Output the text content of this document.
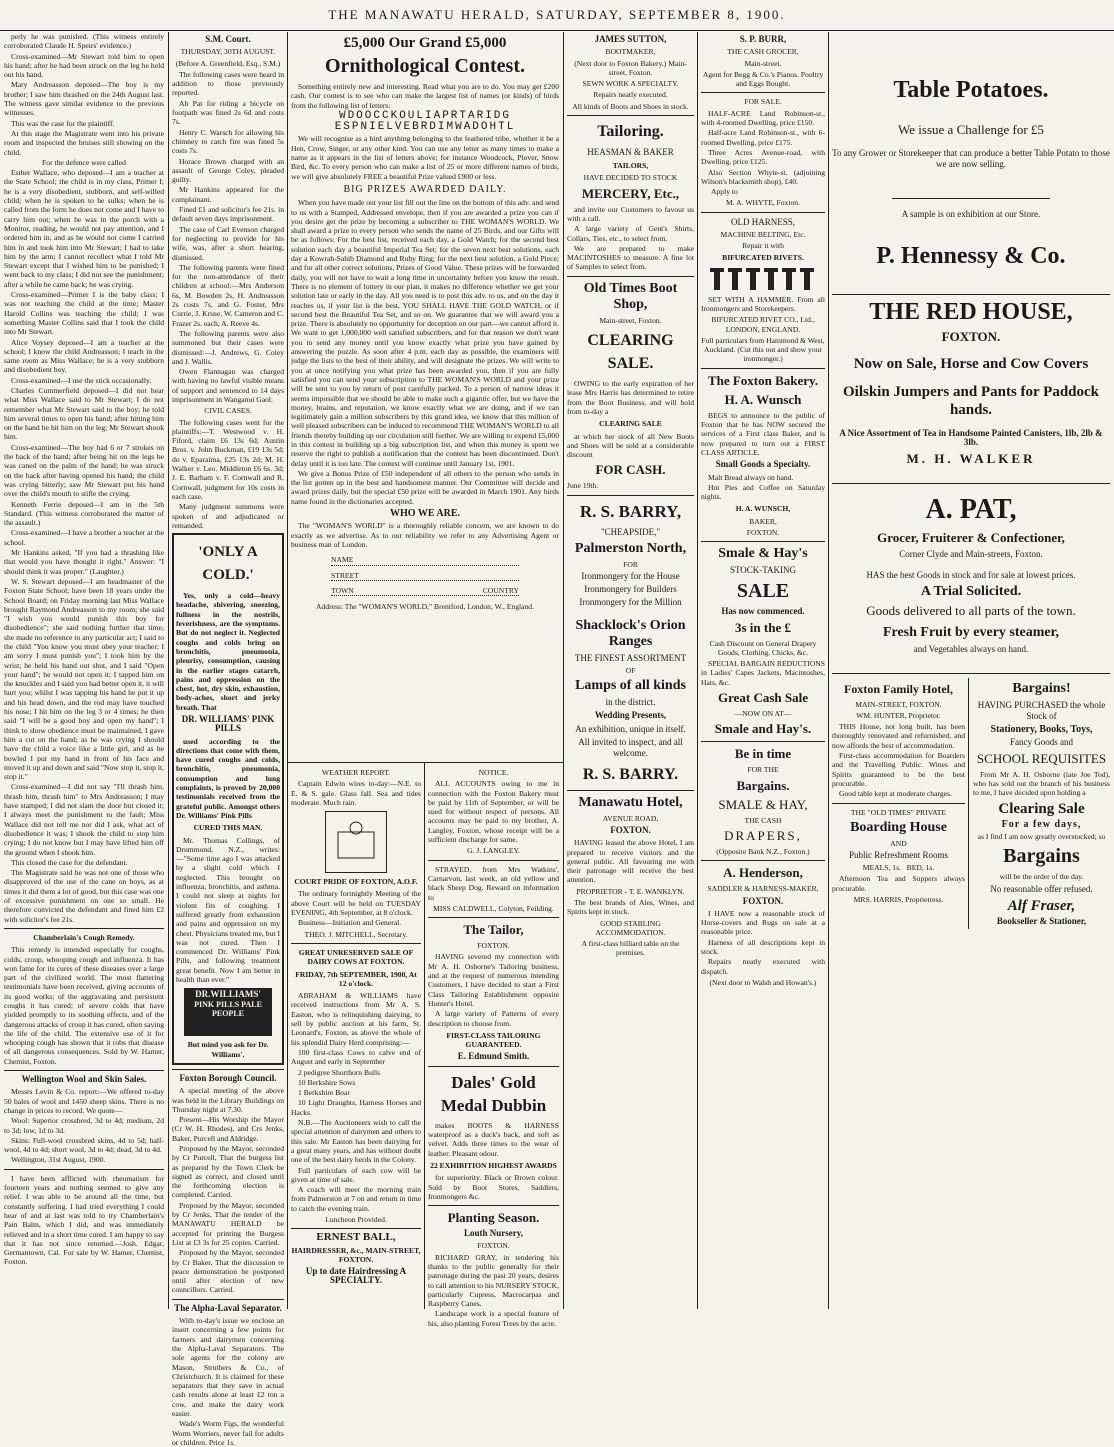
THE MANAWATU HERALD, SATURDAY, SEPTEMBER 8, 1900.

perly he was punished. (This witness entirely corroborated Claude H. Speirs' evidence.)

Cross-examined—Mr Stewart told him to open his hand; after he had been struck on the leg he held out his hand.

Mary Andreasson deposed—The boy is my brother; I saw him thrashed on the 24th August last. The witness gave similar evidence to the previous witnesses.

This was the case for the plaintiff.

At this stage the Magistrate went into his private room and inspected the bruises still showing on the child.

For the defence were called

Esther Wallace, who deposed—I am a teacher at the State School; the child is in my class, Primer I; he is a very disobedient, stubborn, and self-willed child; when he is spoken to he sulks; when he is called from the form he does not come and I have to carry him out; when he was in the porch with a Monitor, reading, he would not pay attention, and I ordered him in, and as he would not come I carried him in and took him into Mr Stewart; I had to take him by the arm; I cannot recollect what I told Mr Stewart except that I wished him to be punished; I went back to my class; I did not see the punishment; after a while he came back; he was crying.

Cross-examined—Primer I is the baby class; I was not teaching the child at the time; Master Harold Collins was teaching the child; I was something Master Collins said that I took the child into Mr Stewart.

Alice Voysey deposed—I am a teacher at the school; I know the child Andreasson; I teach in the same room as Miss Wallace; he is a very stubborn and disobedient boy.

Cross-examined—I use the stick occasionally.

Charles Cummerfield deposed—I did not hear what Miss Wallace said to Mr Stewart; I do not remember what Mr Stewart said to the boy; he told him several times to open his hand; after hitting him on the hand he hit him on the leg; Mr Stewart shook him.

Cross-examined—The boy had 6 or 7 strokes on the back of the hand; after being hit on the legs he was caned on the palm of the hand; he was struck on the back after having opened his hand; the child was crying bitterly; saw Mr Stewart put his hand over the child's mouth to stifle the crying.

Kenneth Ferrie deposed—I am in the 5th Standard. (This witness corroborated the matter of the assault.)

Cross-examined—I have a brother a teacher at the school.

Mr Hankins asked, "If you had a thrashing like that would you have thought it right." Answer: "I should think it was proper." (Laughter.)

W. S. Stewart deposed—I am headmaster of the Foxton State School; have been 18 years under the School Board; on Friday morning last Miss Wallace brought Raymond Andreasson to my room; she said "I wish you would punish this boy for disobedience"; she said nothing further that time; she made no reference to any particular act; I said to the child "You know you must obey your teacher; I am sorry I must punish you"; I took him by the wrist; he held his hand out shut, and I said "Open your hand"; he would not open it; I tapped him on the knuckles and I said you had better open it, it will hurt you; whilst I was tapping his hand he put it up and his head down, and the rod may have touched his nose; I hit him on the leg 3 or 4 times; he then said "I will be a good boy and open my hand"; I think to show obedience must be maintained, I gave him a cut on the hand; as he was crying I should have the child a voice like a little girl, and as he bowled I put my hand in front of his face and moved it up and down and said "Now stop it, stop it, stop it."

Cross-examined—I did not say "I'll thrash him, thrash him, thrash him" to Mrs Andreasson; I may have stamped; I did not slam the door but closed it; I always meet the punishment to the fault; Miss Wallace did not tell me nor did I ask, what act of disobedience it was; I shook the child to stop him crying; I do not know but I may have lifted him off the ground when I shook him.

This closed the case for the defendant.

The Magistrate said he was not one of those who disapproved of the use of the cane on boys, as at times it did them a lot of good, but this case was one of excessive punishment on one so small. He therefore convicted the defendant and fined him £2 with solicitor's fee 21s.

Chamberlain's Cough Remedy.

This remedy is intended especially for coughs, colds, croup, whooping cough and influenza. It has won fame for its cures of these diseases over a large part of the civilized world. The most flattering testimonials have been received, giving accounts of its good works; of the aggravating and persistent coughs it has cured; of severe colds that have yielded promptly to its soothing effects, and of the dangerous attacks of croup it has cured, often saving the life of the child. The extensive use of it for whooping cough has shown that it robs that disease of all dangerous consequences. Sold by W. Hamer, Chemist, Foxton.

Wellington Wool and Skin Sales.

Messrs Levin & Co. report:—We offered to-day 50 bales of wool and 1450 sheep skins. There is no change in prices to record. We quote—

Wool: Superior crossbred, 3d to 4d; medium, 2d to 3d; low, 1d to 3d.

Skins: Full-wool crossbred skins, 4d to 5d; half-wool, 4d to 4d; short wool, 3d to 4d; dead, 3d to 4d.

Wellington, 31st August, 1900.

I have been afflicted with rheumatism for fourteen years and nothing seemed to give any relief. I was able to be around all the time, but constantly suffering. I had tried everything I could hear of and at last was told to try Chamberlain's Pain Balm, which I did, and was immediately relieved and in a short time cured. I am happy to say that it has not since returned.—Josh. Edgar, Germantown, Cal. For sale by W. Hamer, Chemist, Foxton.

S.M. Court.
THURSDAY, 30TH AUGUST.
(Before A. Greenfield, Esq., S.M.)

The following cases were heard in addition to those previously reported.

Ah Pat for riding a bicycle on footpath was fined 2s 6d and costs 7s.

Henry C. Warsch for allowing his chimney to catch fire was fined 5s costs 7s.

Horace Brown charged with an assault of George Coley, pleaded guilty.

Mr Hankins appeared for the complainant.

Fined £1 and solicitor's fee 21s. in default seven days imprisonment.

The case of Carl Evenson charged for neglecting to provide for his wife, was, after a short hearing, dismissed.

The following parents were fined for the non-attendance of their children at school:—Mrs Anderson 6s, M. Bowden 2s, H. Andreasson 2s costs 7s, and G. Foster, Mrs Currie, J. Kruse, W. Cameron and C. Frazer 2s. each, A. Reeve 4s.

The following parents were also summoned but their cases were dismissed:—J. Andrews, G. Coley and J. Wallis.

Owen Flannagan was charged with having no lawful visible means of support and sentenced to 14 days imprisonment in Wanganui Gaol.

CIVIL CASES.

The following cases went for the plaintiffs:—T. Westwood v. H. Fiford, claim £6 13s 6d; Austin Bros. v. John Buckman, £19 13s 5d; do v. Eparaima, £25 13s 2d; M. H. Walker v. Leo. Middleton £6 6s. 3d; J. E. Barham v. F. Cornwall and R. Cornwall, judgment for 10s costs in each case.

Many judgment summons were spoken of and adjudicated or remanded.

'ONLY A COLD.'

Yes, only a cold—heavy headache, shivering, sneezing, fullness in the nostrils, feverishness, are the symptoms. But do not neglect it. Neglected coughs and colds bring on bronchitis, pneumonia, pleurisy, consumption, causing in the earlier stages catarrh, pains and oppression on the chest, hot, dry skin, exhaustion, body-aches, short and jerky breath. That

DR. WILLIAMS' PINK PILLS

used according to the directions that come with them, have cured coughs and colds, bronchitis, pneumonia, consumption and lung complaints, is proved by 20,000 testimonials received from the grateful public. Amongst others Dr. Williams' Pink Pills

CURED THIS MAN.

Mr. Thomas Collings, of Drummond, N.Z., writes:—"Some time ago I was attacked by a slight cold which I neglected. This brought on influenza, bronchitis, and asthma. I could not sleep at nights for violent fits of coughing. I suffered greatly from exhaustion and pains and oppression on my chest. Physicians treated me, but I was not cured. Then I commenced Dr. Williams' Pink Pills, and following treatment great benefit. Now I am better in health than ever."

DR.WILLIAMS'
PINK PILLS PALE PEOPLE
But mind you ask for Dr. Williams'.
Foxton Borough Council.

A special meeting of the above was held in the Library Buildings on Thursday night at 7.30.

Present—His Worship the Mayor (Cr W. H. Rhodes), and Crs Jenks, Baker, Purcell and Aldridge.

Proposed by the Mayor, seconded by Cr Purcell, That the burgess list as prepared by the Town Clerk be signed as correct, and closed until the forthcoming election is completed. Carried.

Proposed by the Mayor, seconded by Cr Jenks, That the tender of the MANAWATU HERALD be accepted for printing the Burgess List at £3 3s for 25 copies. Carried.

Proposed by the Mayor, seconded by Cr Baker, That the discussion re peace demonstration be postponed until after election of new councillors. Carried.

The Alpha-Laval Separator.

With to-day's issue we enclose an insert concerning a few points for farmers and dairymen concerning the Alpha-Laval Separators. The sole agents for the colony are Mason, Struthers & Co., of Christchurch. It is claimed for these separators that they save in actual cash results alone at least £2 ton a cow, and make the dairy work easier.

Wade's Worm Figs, the wonderful Worm Worriers, never fail for adults or children. Price 1s.

£5,000 Our Grand £5,000
Ornithological Contest.

Something entirely new and interesting. Read what you are to do. You may get £200 cash. Our contest is to see who can make the largest list of names (or kinds) of birds from the following list of letters:

WDOOCCKOULIAPRTARIDG
ESPNIELVEBRDIMWADOHTL

We will recognise as a bird anything belonging to the feathered tribe, whether it be a Hen, Crow, Singer, or any other kind. You can use any letter as many times to make a name as it appears in the list of letters above; for instance Woodcock, Plover, Snow Bird, &c. To every person who can make a list of 25 or more different names of birds, we will give absolutely FREE a beautiful Prize valued £900 or less.

BIG PRIZES AWARDED DAILY.

When you have made out your list fill out the line on the bottom of this adv. and send to us with a Stamped, Addressed envelope, then if you are awarded a prize you can if you desire get the prize by becoming a subscriber to THE WOMAN'S WORLD. We shall award a prize to every person who sends the name of 25 Birds, and our Gifts will be as follows: For the best list, received each day, a Gold Watch; for the second best solution each day a beautiful Imperial Tea Set; for the seven next best solutions, each day a Kowrah-Sahib Diamond and Ruby Ring; for the next best solution, a Gold Piece; and for all other correct solutions, Prizes of Good Value. These prizes will be forwarded daily, you will not have to wait a long time in uncertainty before you know the result. There is no element of lottery in our plan, it makes no difference whether we get your solution late or early in the day. All you need is to post this adv. to us, and on the day it reaches us, if your list is the best, YOU SHALL HAVE THE GOLD WATCH, or if second best the Beautiful Tea Set, and so on. We guarantee that we will award you a prize. There is absolutely no opportunity for deception on our part—we cannot afford it. We want to get 1,000,000 well satisfied subscribers, and for that reason we don't want you to send any money until you know exactly what prize you have gained by answering the puzzle. As soon after 4 p.m. each day as possible, the examiners will judge the lists to the best of their ability, and will designate the prizes. We will write to you at once notifying you what prize has been awarded you, then if you are fully satisfied you can send your subscription to THE WOMAN'S WORLD and your prize will be sent to you by return of post carefully packed. To a person of narrow ideas it seems impossible that we should be able to make such a gigantic offer, but we have the money, brains, and reputation, we know exactly what we are doing, and if we can legitimately gain a million subscribers by this grand idea, we know that this million of well pleased subscribers can be induced to recommend THE WOMAN'S WORLD to all friends thereby building up our circulation still further. We are willing to expend £5,000 in this contest in building up a big subscription list, and when this money is spent we reserve the right to publish a notification that the contest has been discontinued. Don't delay until it is too late. The contest will continue until January 1st, 1901.

We give a Bonus Prize of £50 independent of all others to the person who sends in the list gotten up in the best and handsomest manner. Our Committee will decide and award prizes daily, but the special £50 prize will be awarded in March 1901. Any birds name found in the dictionaries accepted.

WHO WE ARE.

The "WOMAN'S WORLD" is a thoroughly reliable concern, we are known to do exactly as we advertise. As to our reliability we refer to any Advertising Agent or business man of London.

NAME
STREET
TOWN	COUNTRY
Address: The "WOMAN'S WORLD," Brentford, London, W., England.
WEATHER REPORT.

Captain Edwin wires to-day:—N.E. to E. & S. gale. Glass fall. Sea and tides moderate. Much rain.

COURT PRIDE OF FOXTON, A.O.F.

The ordinary fortnightly Meeting of the above Court will be held on TUESDAY EVENING, 4th September, at 8 o'clock.

Business—Initiation and General.

THEO. J. MITCHELL, Secretary.
GREAT UNRESERVED SALE OF DAIRY COWS AT FOXTON.
FRIDAY, 7th SEPTEMBER, 1900, At 12 o'clock.

ABRAHAM & WILLIAMS have received instructions from Mr A. S. Easton, who is relinquishing dairying, to sell by public auction at his farm, St. Leonard's, Foxton, as above the whole of his splendid Dairy Herd comprising:—

100 first-class Cows to calve end of August and early in September

2 pedigree Shorthorn Bulls

10 Berkshire Sows

1 Berkshire Boar

10 Light Draughts, Harness Horses and Hacks.

N.B.—The Auctioneers wish to call the special attention of dairymen and others to this sale. Mr Easton has been dairying for a great many years, and has without doubt one of the best dairy herds in the Colony.

Full particulars of each cow will be given at time of sale.

A coach will meet the morning train from Palmerston at 7 on and return in time to catch the evening train.

Luncheon Provided.
ERNEST BALL,
HAIRDRESSER, &c., MAIN-STREET, FOXTON.
Up to date Hairdressing A SPECIALTY.
NOTICE.

ALL ACCOUNTS owing to me in connection with the Foxton Bakery must be paid by 11th of September, or will be sued for without respect of persons. All accounts may be paid to my brother, A. Langley, Foxton, whose receipt will be a sufficient discharge for same.

G. J. LANGLEY.

STRAYED, from Mrs Watkins', Carnarvon, last week, an old yellow and black Sheep Dog. Reward on information to

MISS CALDWELL, Colyton, Feilding.
The Tailor,
FOXTON.

HAVING severed my connection with Mr A. H. Osborne's Tailoring business, and at the request of numerous intending Customers, I have decided to start a First Class Tailoring Establishment opposite Hunter's Hotel.

A large variety of Patterns of every description to choose from.

FIRST-CLASS TAILORING GUARANTEED.
E. Edmund Smith.
Dales' Gold Medal Dubbin

makes BOOTS & HARNESS waterproof as a duck's back, and soft as velvet. Adds three times to the wear of leather. Pleasant odour.

22 EXHIBITION HIGHEST AWARDS

for superiority. Black or Brown colour. Sold by Boot Stores, Saddlers, Ironmongers &c.

Planting Season.
Louth Nursery,
FOXTON.

RICHARD GRAY, in tendering his thanks to the public generally for their patronage during the past 20 years, desires to call attention to his NURSERY STOCK, particularly Cupress, Macrocarpas and Raspberry Canes.

Landscape work is a special feature of his, also planting Forest Trees by the acre.

JAMES SUTTON,
BOOTMAKER,
(Next door to Foxton Bakery.) Main-street, Foxton.
SEWN WORK A SPECIALTY.
Repairs neatly executed.
All kinds of Boots and Shoes in stock.
Tailoring.
HEASMAN & BAKER
TAILORS,
HAVE DECIDED TO STOCK
MERCERY, Etc.,

and invite our Customers to favour us with a call.

A large variety of Gent's Shirts, Collars, Ties, etc., to select from.

We are prepared to make MACINTOSHES to measure. A fine lot of Samples to select from.

Old Times Boot Shop,
Main-street, Foxton.
CLEARING SALE.

OWING to the early expiration of her lease Mrs Harris has determined to retire from the Boot Business, and will hold from to-day a

CLEARING SALE

at which her stock of all New Boots and Shoes will be sold at a considerable discount

FOR CASH.
June 19th.
R. S. BARRY,
"CHEAPSIDE,"
Palmerston North,
FOR
Ironmongery for the House
Ironmongery for Builders
Ironmongery for the Million
Shacklock's Orion Ranges
THE FINEST ASSORTMENT
OF
Lamps of all kinds
in the district.
Wedding Presents,
An exhibition, unique in itself.
All invited to inspect, and all welcome.
R. S. BARRY.
Manawatu Hotel,
AVENUE ROAD,
FOXTON.

HAVING leased the above Hotel, I am prepared to receive visitors and the general public. All favouring me with their patronage will receive the best attention.

PROPRIETOR - T. E. WANKLYN.

The best brands of Ales, Wines, and Spirits kept in stock.

GOOD STABLING ACCOMMODATION.
A first-class billiard table on the premises.
S. P. BURR,
THE CASH GROCER,
Main-street.
Agent for Begg & Co.'s Pianos. Poultry and Eggs Bought.
FOR SALE.

HALF-ACRE Land Robinson-st., with 4-roomed Dwelling, price £150.

Half-acre Land Robinson-st., with 6-roomed Dwelling, price £175.

Three Acres Avenue-road, with Dwelling, price £125.

Also Section Whyte-st. (adjoining Wilson's blacksmith shop), £40.

Apply to
M. A. WHYTE, Foxton.
OLD HARNESS,
MACHINE BELTING, Etc.
Repair it with
BIFURCATED RIVETS.

SET WITH A HAMMER. From all Ironmongers and Storekeepers.

BIFURCATED RIVET CO., Ltd., LONDON, ENGLAND.
Full particulars from Hammond & West, Auckland. (Cut this out and show your ironmonger.)
The Foxton Bakery.
H. A. Wunsch

BEGS to announce to the public of Foxton that he has NOW secured the services of a First class Baker, and is now prepared to turn out a FIRST CLASS ARTICLE.

Small Goods a Specialty.

Malt Bread always on hand.

Hot Pies and Coffee on Saturday nights.

H. A. WUNSCH,
BAKER,
FOXTON.
Smale & Hay's
STOCK-TAKING
SALE
Has now commenced.
3s in the £
Cash Discount on General Drapery Goods, Clothing, Chicks, &c.

SPECIAL BARGAIN REDUCTIONS in Ladies' Capes Jackets, Macintoshes, Hats, &c.

Great Cash Sale
—NOW ON AT—
Smale and Hay's.
Be in time
FOR THE
Bargains.
SMALE & HAY,
THE CASH
DRAPERS,
(Opposite Bank N.Z., Foxton.)
A. Henderson,
SADDLER & HARNESS-MAKER,
FOXTON.

I HAVE now a reasonable stock of Horse-covers and Rugs on sale at a reasonable price.

Harness of all descriptions kept in stock.

Repairs neatly executed with dispatch.

(Next door to Walsh and Howan's.)
Table Potatoes.
We issue a Challenge for £5
To any Grower or Storekeeper that can produce a better Table Potato to those we are now selling.
A sample is on exhibition at our Store.
P. Hennessy & Co.
THE RED HOUSE,
FOXTON.
Now on Sale, Horse and Cow Covers
Oilskin Jumpers and Pants for Paddock hands.
A Nice Assortment of Tea in Handsome Painted Canisters, 1lb, 2lb & 3lb.
M. H. WALKER
A. PAT,
Grocer, Fruiterer & Confectioner,
Corner Clyde and Main-streets, Foxton.
HAS the best Goods in stock and for sale at lowest prices.
A Trial Solicited.
Goods delivered to all parts of the town.
Fresh Fruit by every steamer,
and Vegetables always on hand.
Foxton Family Hotel,
MAIN-STREET, FOXTON.
WM. HUNTER, Proprietor.

THIS House, not long built, has been thoroughly renovated and refurnished, and now affords the best of accommodation.

First-class accommodation for Boarders and the Travelling Public. Wines and Spirits guaranteed to be the best procurable.

Good table kept at moderate charges.

THE "OLD TIMES" PRIVATE
Boarding House
AND
Public Refreshment Rooms
MEALS, 1s. BED, 1s.

Afternoon Tea and Suppers always procurable.

MRS. HARRIS, Proprietress.
Bargains!
HAVING PURCHASED the whole Stock of
Stationery, Books, Toys,
Fancy Goods and
SCHOOL REQUISITES

From Mr A. H. Osborne (late Joe Tod), who has sold out the branch of his business to me, I have decided upon holding a

Clearing Sale
For a few days,
as I find I am now greatly overstocked; so
Bargains
will be the order of the day.
No reasonable offer refused.
Alf Fraser,
Bookseller & Stationer,
